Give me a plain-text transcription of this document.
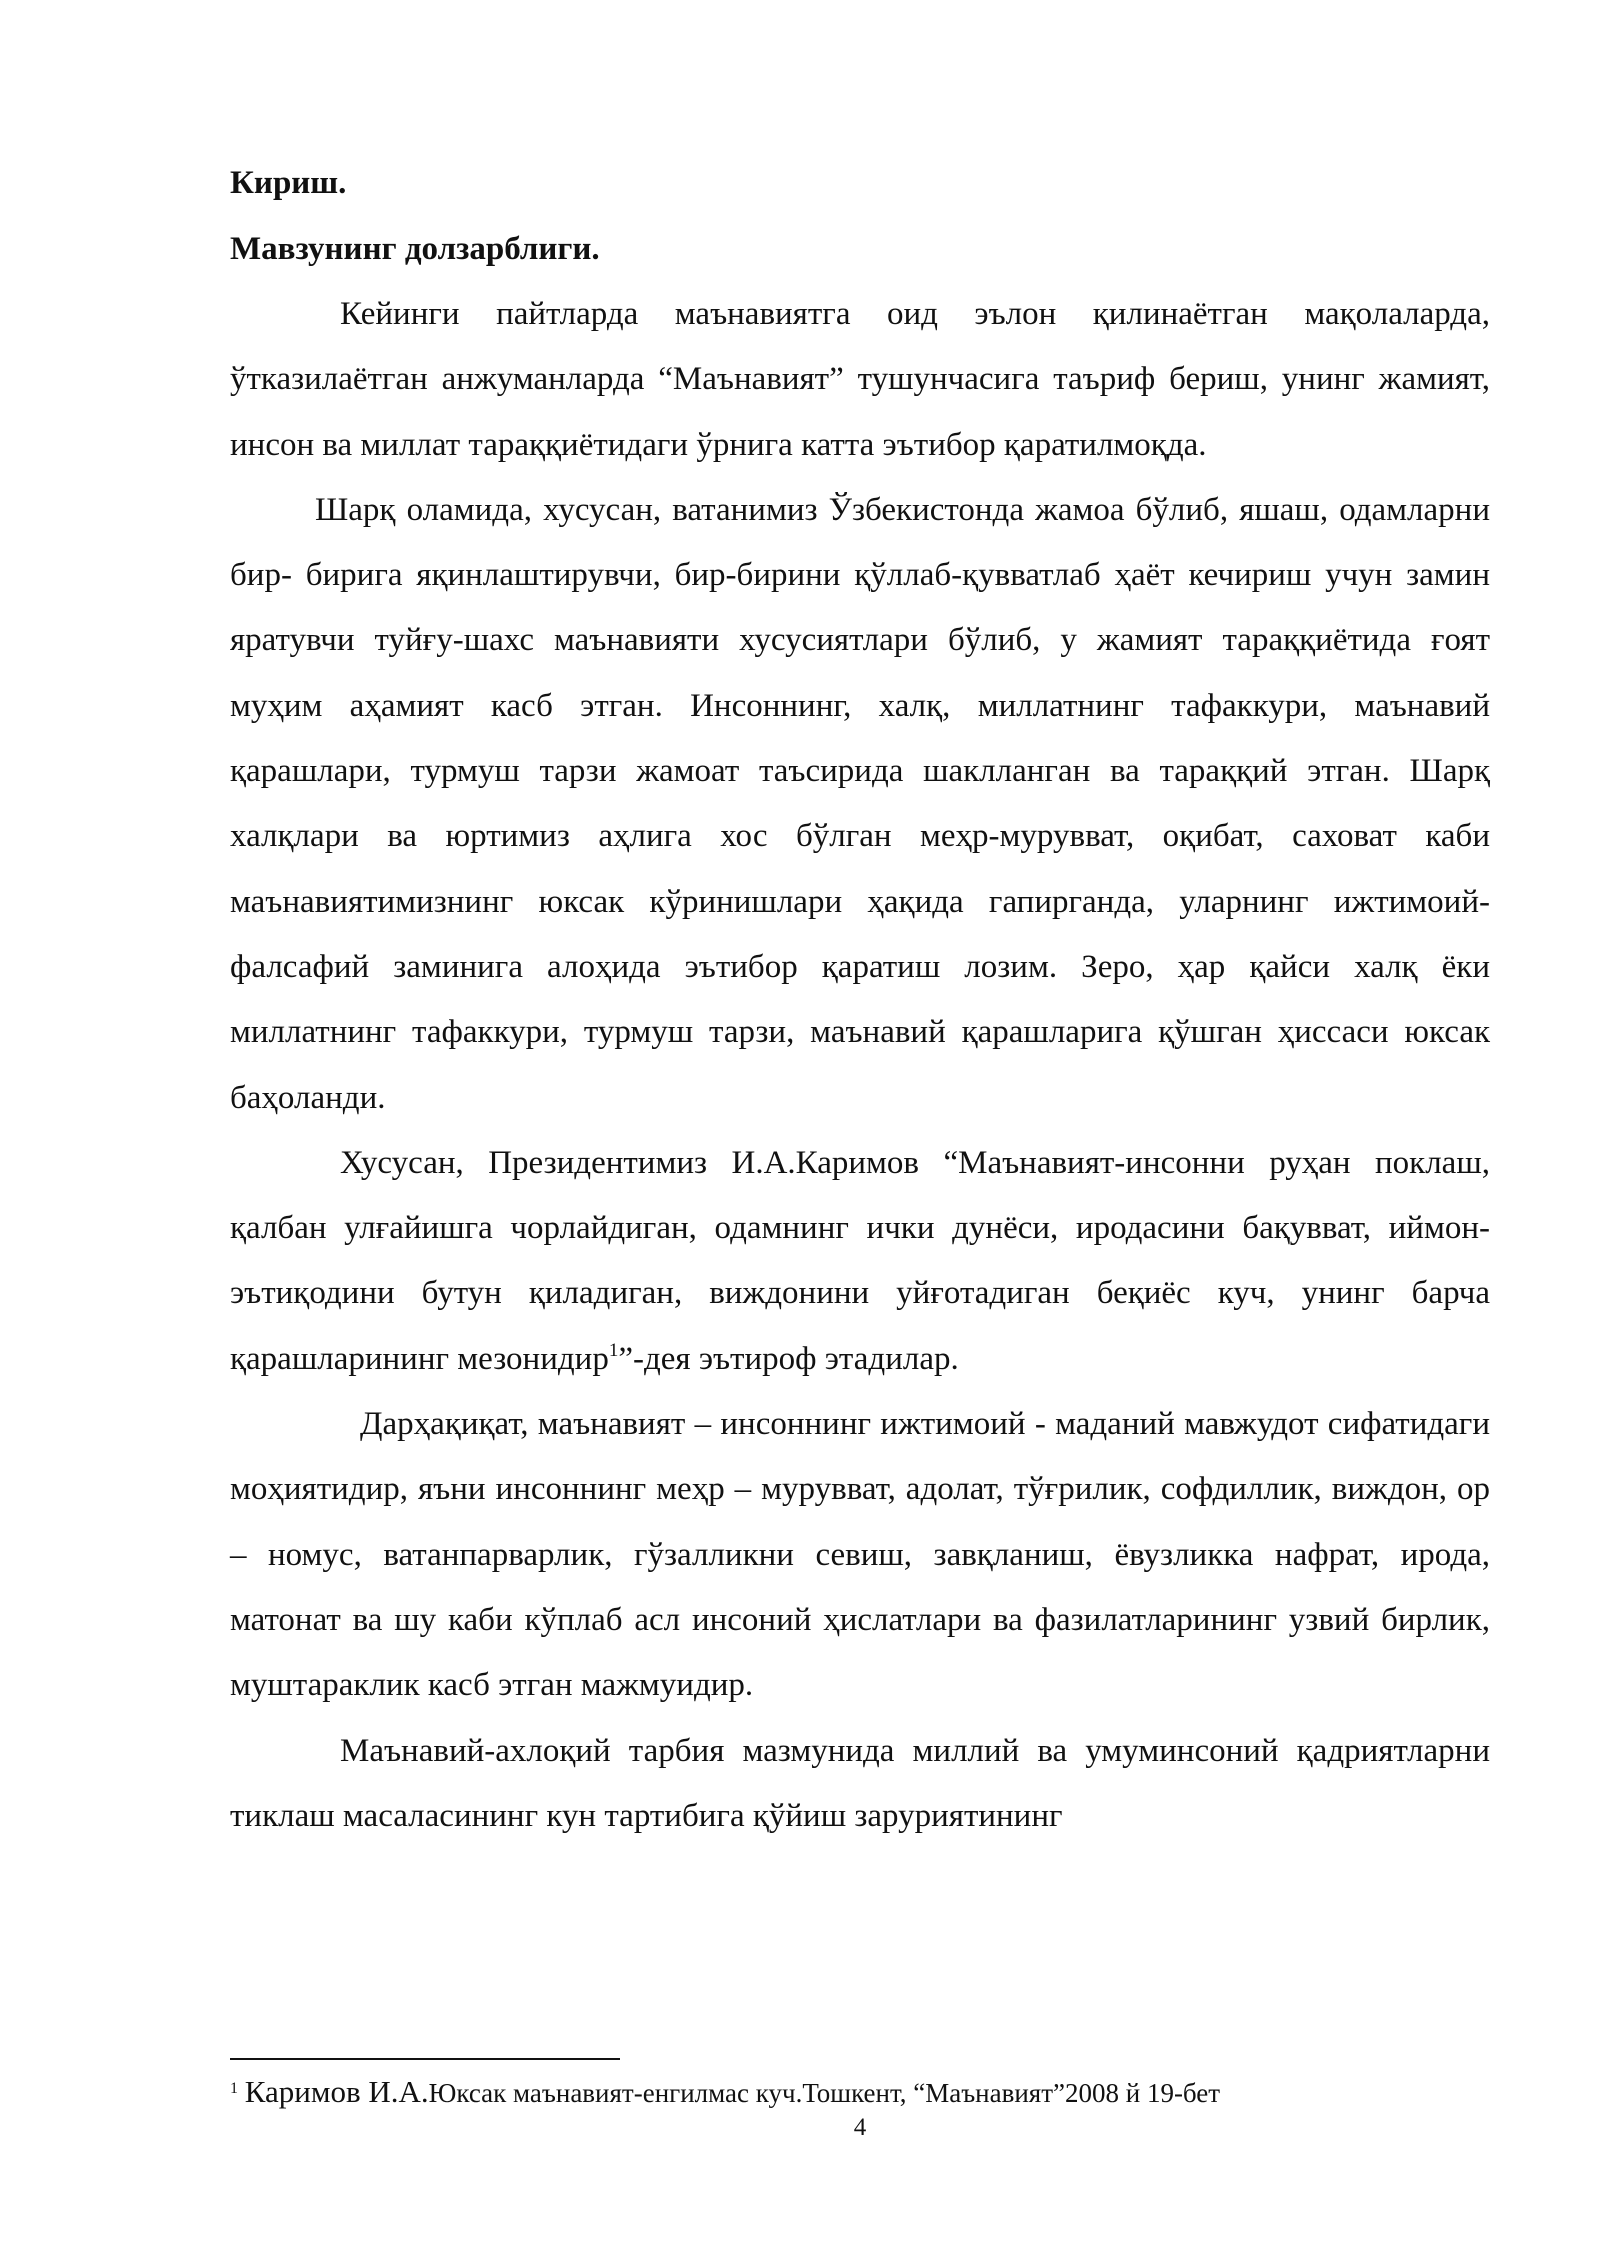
Кириш.

Мавзунинг долзарблиги.

Кейинги пайтларда маънавиятга оид эълон қилинаётган мақолаларда, ўтказилаётган анжуманларда “Маънавият” тушунчасига таъриф бериш, унинг жамият, инсон ва миллат тараққиётидаги ўрнига катта эътибор қаратилмоқда.

Шарқ оламида, хусусан, ватанимиз Ўзбекистонда жамоа бўлиб, яшаш, одамларни бир- бирига яқинлаштирувчи, бир-бирини қўллаб-қувватлаб ҳаёт кечириш учун замин яратувчи туйғу-шахс маънавияти хусусиятлари бўлиб, у жамият тараққиётида ғоят муҳим аҳамият касб этган. Инсоннинг, халқ, миллатнинг тафаккури, маънавий қарашлари, турмуш тарзи жамоат таъсирида шаклланган ва тараққий этган. Шарқ халқлари ва юртимиз аҳлига хос бўлган меҳр-мурувват, оқибат, саховат каби маънавиятимизнинг юксак кўринишлари ҳақида гапирганда, уларнинг ижтимоий-фалсафий заминига алоҳида эътибор қаратиш лозим. Зеро, ҳар қайси халқ ёки миллатнинг тафаккури, турмуш тарзи, маънавий қарашларига қўшган ҳиссаси юксак баҳоланди.

Хусусан, Президентимиз И.А.Каримов “Маънавият-инсонни руҳан поклаш, қалбан улғайишга чорлайдиган, одамнинг ички дунёси, иродасини бақувват, иймон-эътиқодини бутун қиладиган, виждонини уйғотадиган беқиёс куч, унинг барча қарашларининг мезонидир$^1$”-дея эътироф этадилар.

Дарҳақиқат, маънавият – инсоннинг ижтимоий - маданий мавжудот сифатидаги моҳиятидир, яъни инсоннинг меҳр – мурувват, адолат, тўғрилик, софдиллик, виждон, ор – номус, ватанпарварлик, гўзалликни севиш, завқланиш, ёвузликка нафрат, ирода, матонат ва шу каби кўплаб асл инсоний ҳислатлари ва фазилатларининг узвий бирлик, муштараклик касб этган мажмуидир.

Маънавий-ахлоқий тарбия мазмунида миллий ва умуминсоний қадриятларни тиклаш масаласининг кун тартибига қўйиш заруриятининг

$^1$ Каримов И.А.Юксак маънавият-енгилмас куч.Тошкент, “Маънавият”2008 й 19-бет
4
